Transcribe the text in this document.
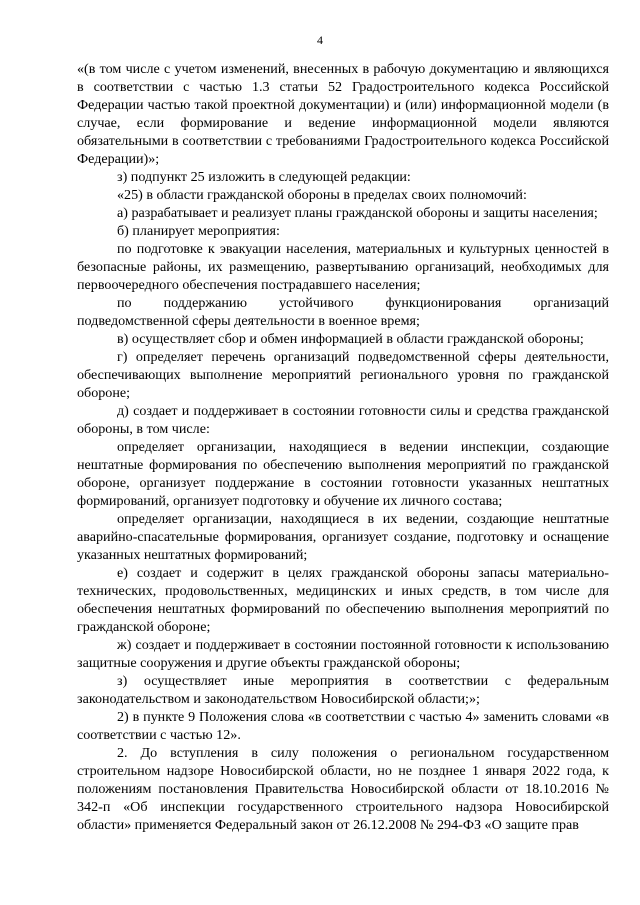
4

«(в том числе с учетом изменений, внесенных в рабочую документацию и являющихся в соответствии с частью 1.3 статьи 52 Градостроительного кодекса Российской Федерации частью такой проектной документации) и (или) информационной модели (в случае, если формирование и ведение информационной модели являются обязательными в соответствии с требованиями Градостроительного кодекса Российской Федерации)»;

з) подпункт 25 изложить в следующей редакции:

«25) в области гражданской обороны в пределах своих полномочий:

а) разрабатывает и реализует планы гражданской обороны и защиты населения;

б) планирует мероприятия:

по подготовке к эвакуации населения, материальных и культурных ценностей в безопасные районы, их размещению, развертыванию организаций, необходимых для первоочередного обеспечения пострадавшего населения;

по поддержанию устойчивого функционирования организаций подведомственной сферы деятельности в военное время;

в) осуществляет сбор и обмен информацией в области гражданской обороны;

г) определяет перечень организаций подведомственной сферы деятельности, обеспечивающих выполнение мероприятий регионального уровня по гражданской обороне;

д) создает и поддерживает в состоянии готовности силы и средства гражданской обороны, в том числе:

определяет организации, находящиеся в ведении инспекции, создающие нештатные формирования по обеспечению выполнения мероприятий по гражданской обороне, организует поддержание в состоянии готовности указанных нештатных формирований, организует подготовку и обучение их личного состава;

определяет организации, находящиеся в их ведении, создающие нештатные аварийно-спасательные формирования, организует создание, подготовку и оснащение указанных нештатных формирований;

е) создает и содержит в целях гражданской обороны запасы материально-технических, продовольственных, медицинских и иных средств, в том числе для обеспечения нештатных формирований по обеспечению выполнения мероприятий по гражданской обороне;

ж) создает и поддерживает в состоянии постоянной готовности к использованию защитные сооружения и другие объекты гражданской обороны;

з) осуществляет иные мероприятия в соответствии с федеральным законодательством и законодательством Новосибирской области;»;

2) в пункте 9 Положения слова «в соответствии с частью 4» заменить словами «в соответствии с частью 12».

2. До вступления в силу положения о региональном государственном строительном надзоре Новосибирской области, но не позднее 1 января 2022 года, к положениям постановления Правительства Новосибирской области от 18.10.2016 № 342-п «Об инспекции государственного строительного надзора Новосибирской области» применяется Федеральный закон от 26.12.2008 № 294-ФЗ «О защите прав
